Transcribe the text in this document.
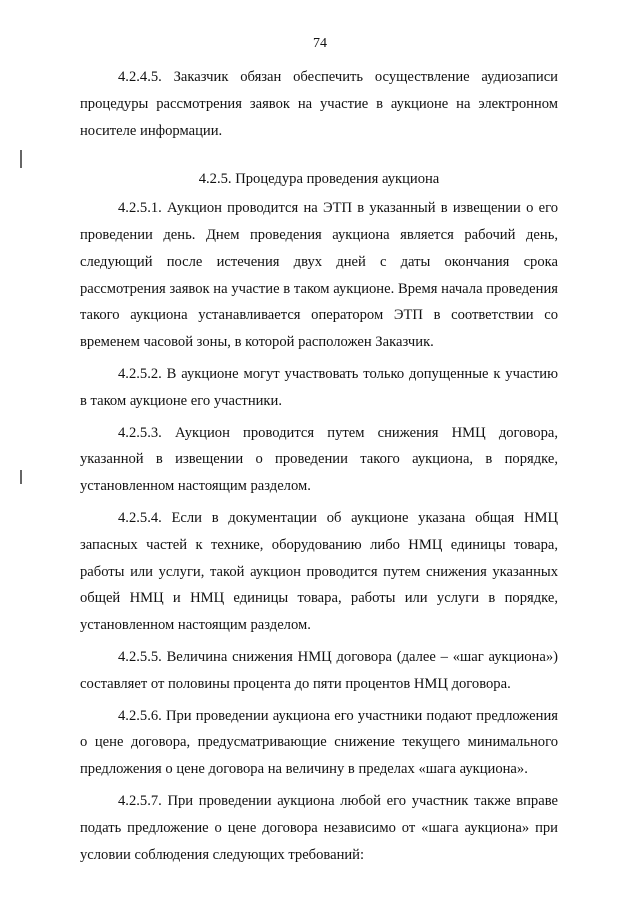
74

4.2.4.5. Заказчик обязан обеспечить осуществление аудиозаписи процедуры рассмотрения заявок на участие в аукционе на электронном носителе информации.

4.2.5. Процедура проведения аукциона

4.2.5.1. Аукцион проводится на ЭТП в указанный в извещении о его проведении день. Днем проведения аукциона является рабочий день, следующий после истечения двух дней с даты окончания срока рассмотрения заявок на участие в таком аукционе. Время начала проведения такого аукциона устанавливается оператором ЭТП в соответствии со временем часовой зоны, в которой расположен Заказчик.

4.2.5.2. В аукционе могут участвовать только допущенные к участию в таком аукционе его участники.

4.2.5.3. Аукцион проводится путем снижения НМЦ договора, указанной в извещении о проведении такого аукциона, в порядке, установленном настоящим разделом.

4.2.5.4. Если в документации об аукционе указана общая НМЦ запасных частей к технике, оборудованию либо НМЦ единицы товара, работы или услуги, такой аукцион проводится путем снижения указанных общей НМЦ и НМЦ единицы товара, работы или услуги в порядке, установленном настоящим разделом.

4.2.5.5. Величина снижения НМЦ договора (далее – «шаг аукциона») составляет от половины процента до пяти процентов НМЦ договора.

4.2.5.6. При проведении аукциона его участники подают предложения о цене договора, предусматривающие снижение текущего минимального предложения о цене договора на величину в пределах «шага аукциона».

4.2.5.7. При проведении аукциона любой его участник также вправе подать предложение о цене договора независимо от «шага аукциона» при условии соблюдения следующих требований:
